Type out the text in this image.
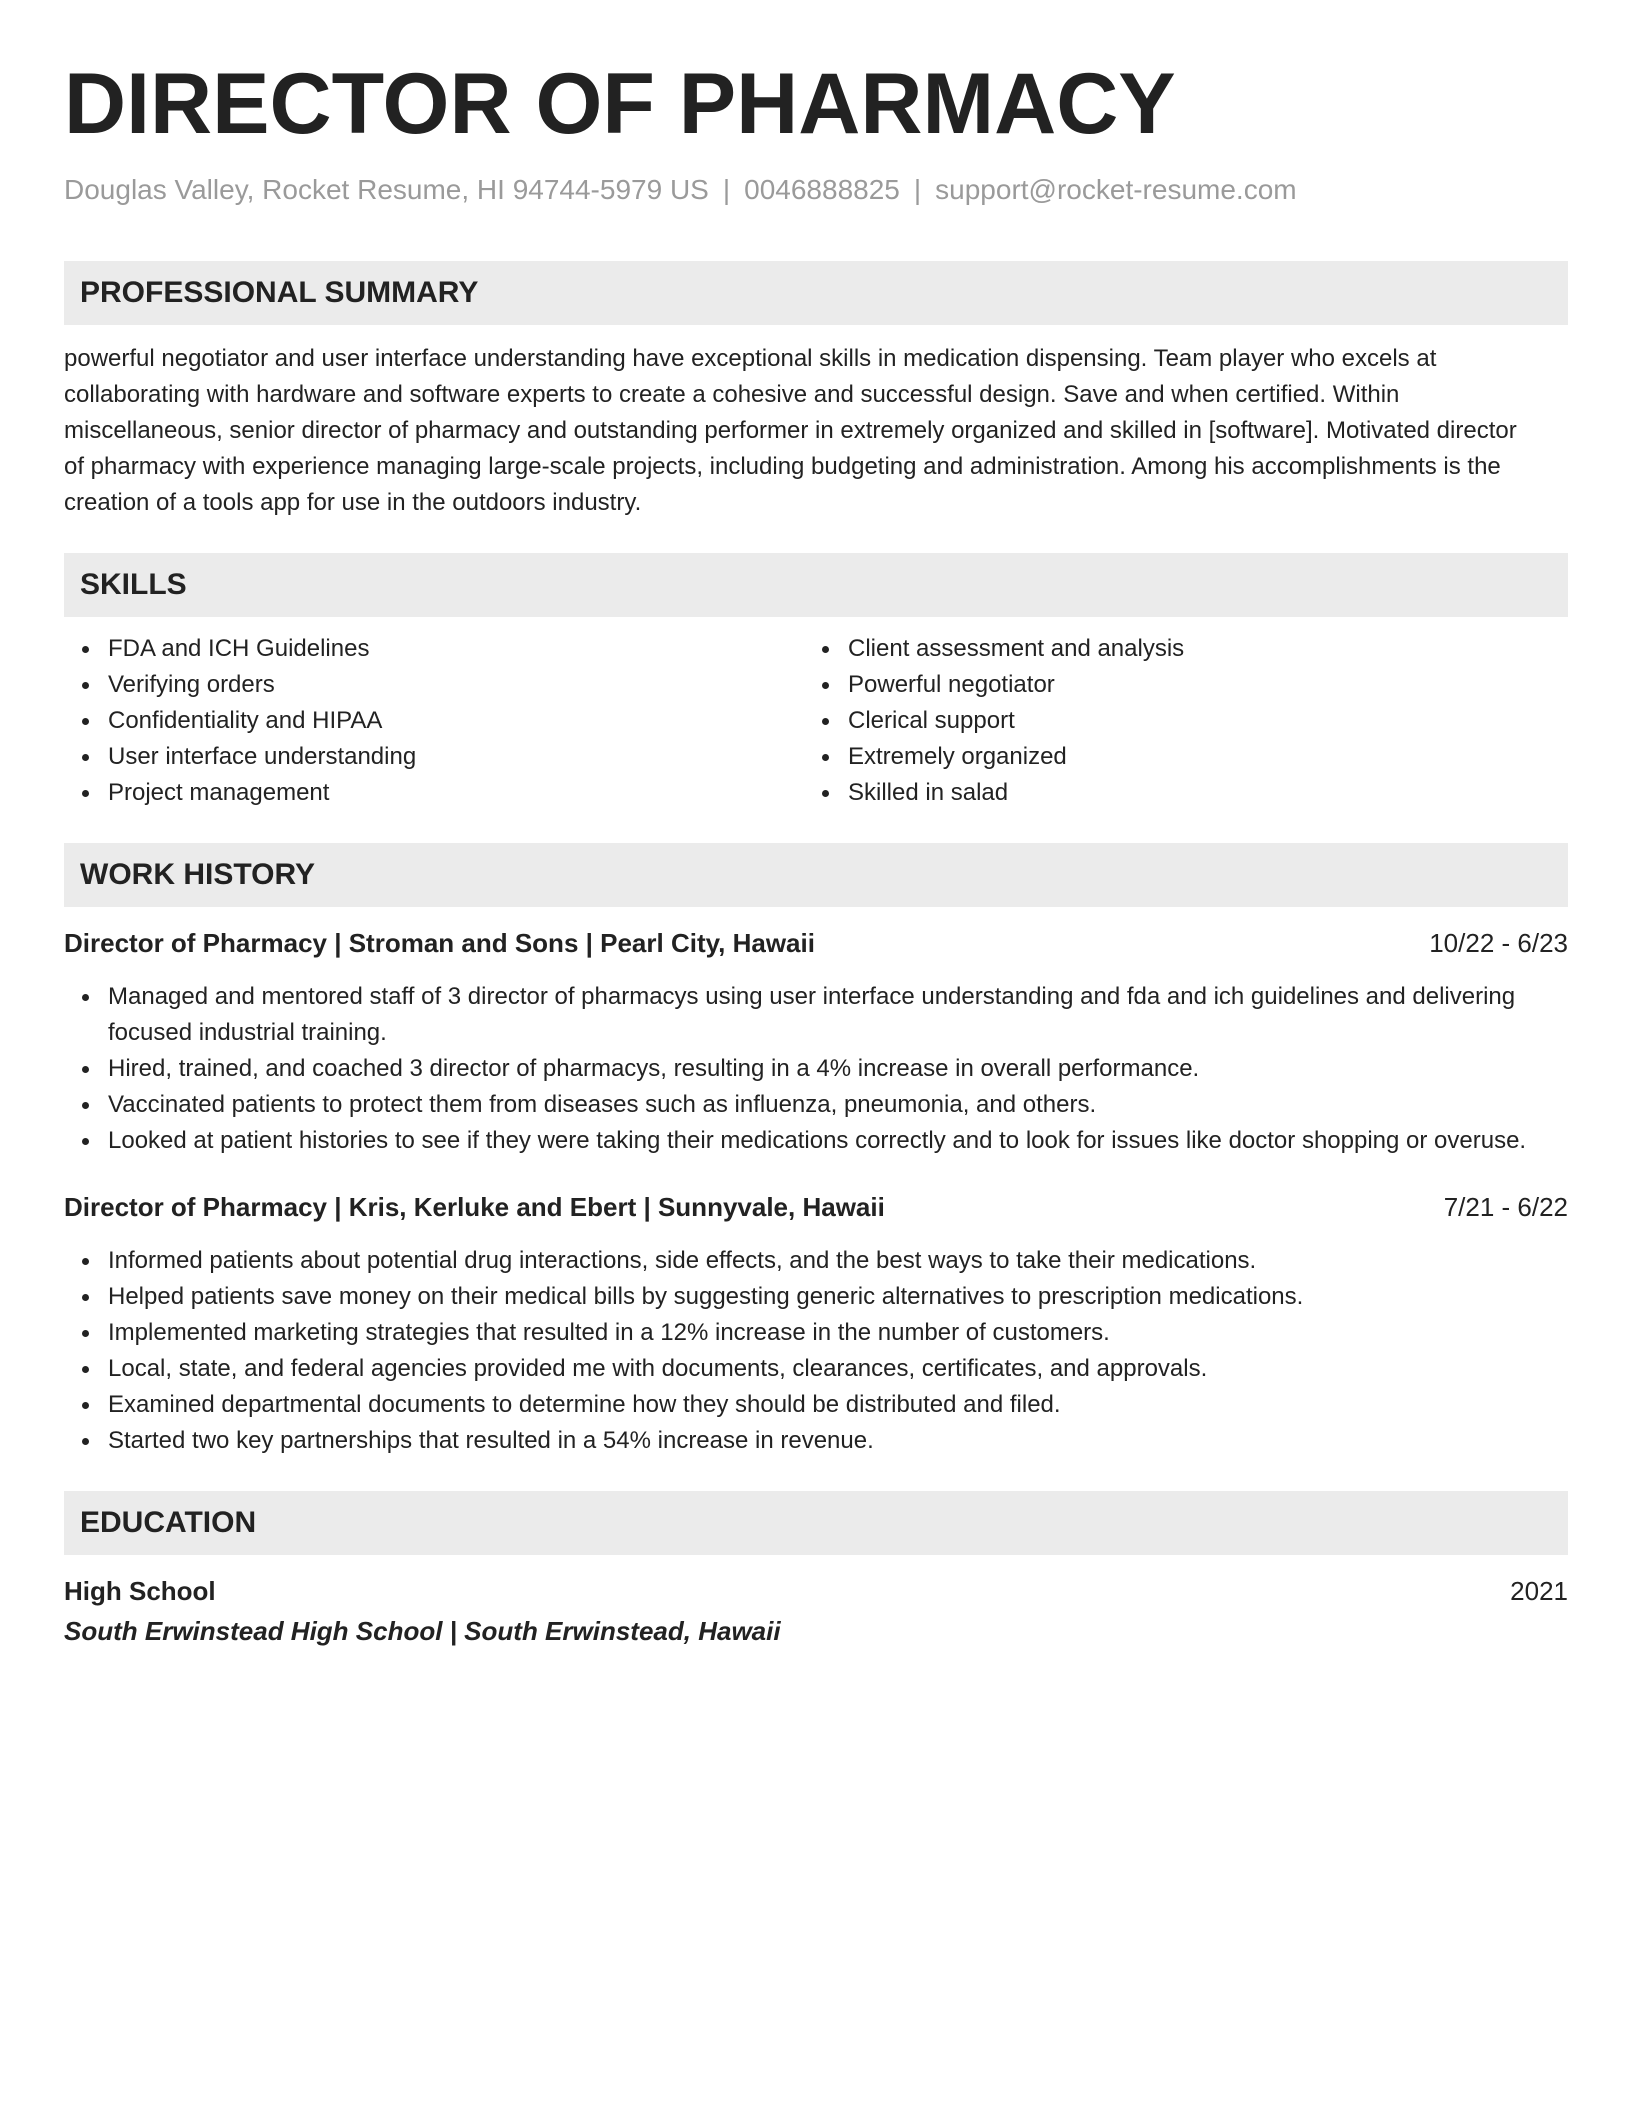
DIRECTOR OF PHARMACY
Douglas Valley, Rocket Resume, HI 94744-5979 US | 0046888825 | support@rocket-resume.com
PROFESSIONAL SUMMARY
powerful negotiator and user interface understanding have exceptional skills in medication dispensing. Team player who excels at collaborating with hardware and software experts to create a cohesive and successful design. Save and when certified. Within miscellaneous, senior director of pharmacy and outstanding performer in extremely organized and skilled in [software]. Motivated director of pharmacy with experience managing large-scale projects, including budgeting and administration. Among his accomplishments is the creation of a tools app for use in the outdoors industry.
SKILLS
FDA and ICH Guidelines
Verifying orders
Confidentiality and HIPAA
User interface understanding
Project management
Client assessment and analysis
Powerful negotiator
Clerical support
Extremely organized
Skilled in salad
WORK HISTORY
Director of Pharmacy | Stroman and Sons | Pearl City, Hawaii	10/22 - 6/23
Managed and mentored staff of 3 director of pharmacys using user interface understanding and fda and ich guidelines and delivering focused industrial training.
Hired, trained, and coached 3 director of pharmacys, resulting in a 4% increase in overall performance.
Vaccinated patients to protect them from diseases such as influenza, pneumonia, and others.
Looked at patient histories to see if they were taking their medications correctly and to look for issues like doctor shopping or overuse.
Director of Pharmacy | Kris, Kerluke and Ebert | Sunnyvale, Hawaii	7/21 - 6/22
Informed patients about potential drug interactions, side effects, and the best ways to take their medications.
Helped patients save money on their medical bills by suggesting generic alternatives to prescription medications.
Implemented marketing strategies that resulted in a 12% increase in the number of customers.
Local, state, and federal agencies provided me with documents, clearances, certificates, and approvals.
Examined departmental documents to determine how they should be distributed and filed.
Started two key partnerships that resulted in a 54% increase in revenue.
EDUCATION
High School	2021
South Erwinstead High School | South Erwinstead, Hawaii
